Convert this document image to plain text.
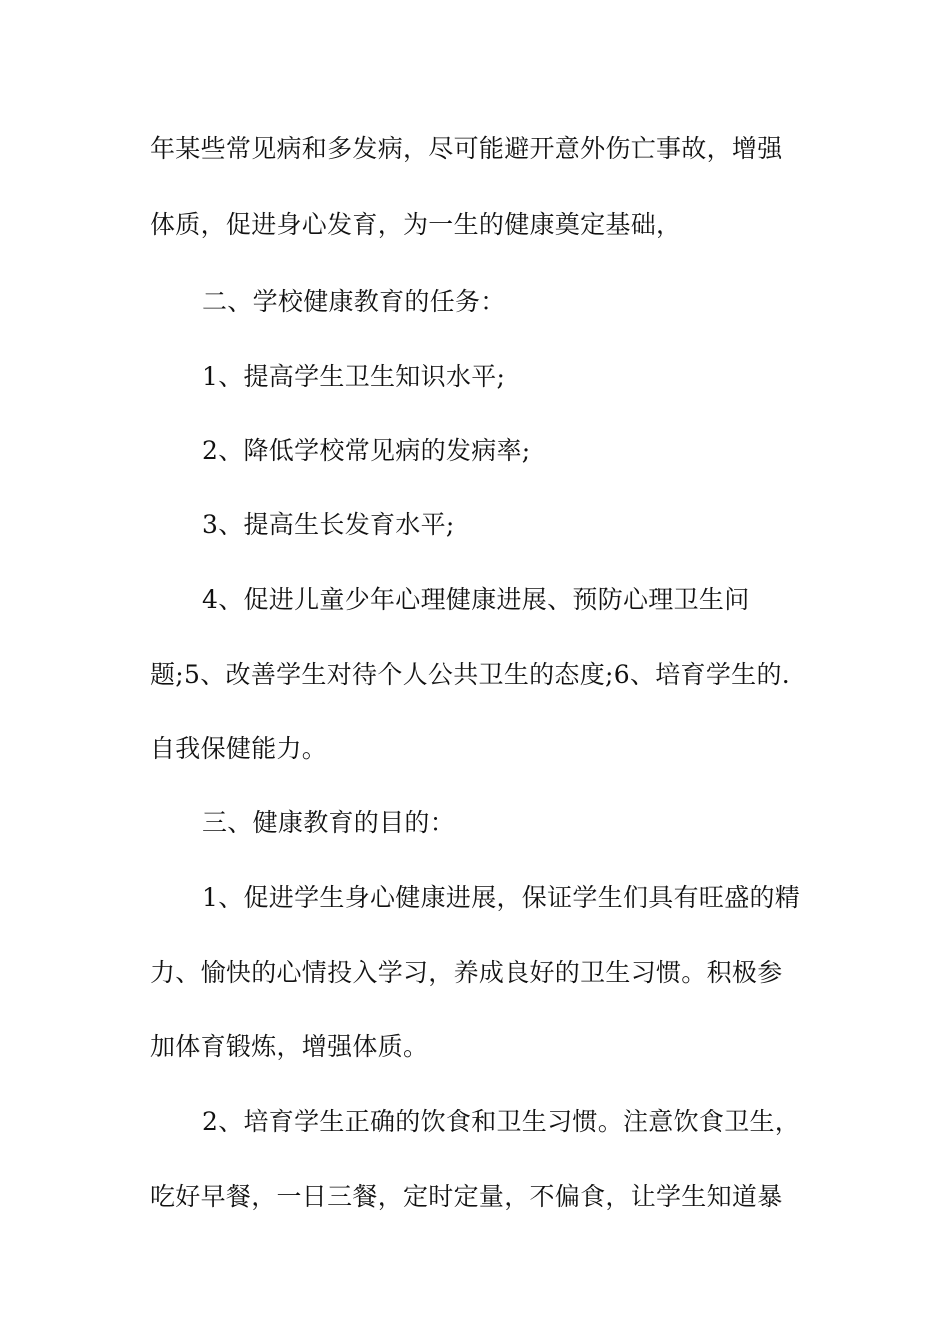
年某些常见病和多发病，尽可能避开意外伤亡事故，增强
体质，促进身心发育，为一生的健康奠定基础，
二、学校健康教育的任务：
1、提高学生卫生知识水平;
2、降低学校常见病的发病率;
3、提高生长发育水平;
4、促进儿童少年心理健康进展、预防心理卫生问
题;5、改善学生对待个人公共卫生的态度;6、培育学生的.
自我保健能力。
三、健康教育的目的：
1、促进学生身心健康进展，保证学生们具有旺盛的精
力、愉快的心情投入学习，养成良好的卫生习惯。积极参
加体育锻炼，增强体质。
2、培育学生正确的饮食和卫生习惯。注意饮食卫生，
吃好早餐，一日三餐，定时定量，不偏食，让学生知道暴
